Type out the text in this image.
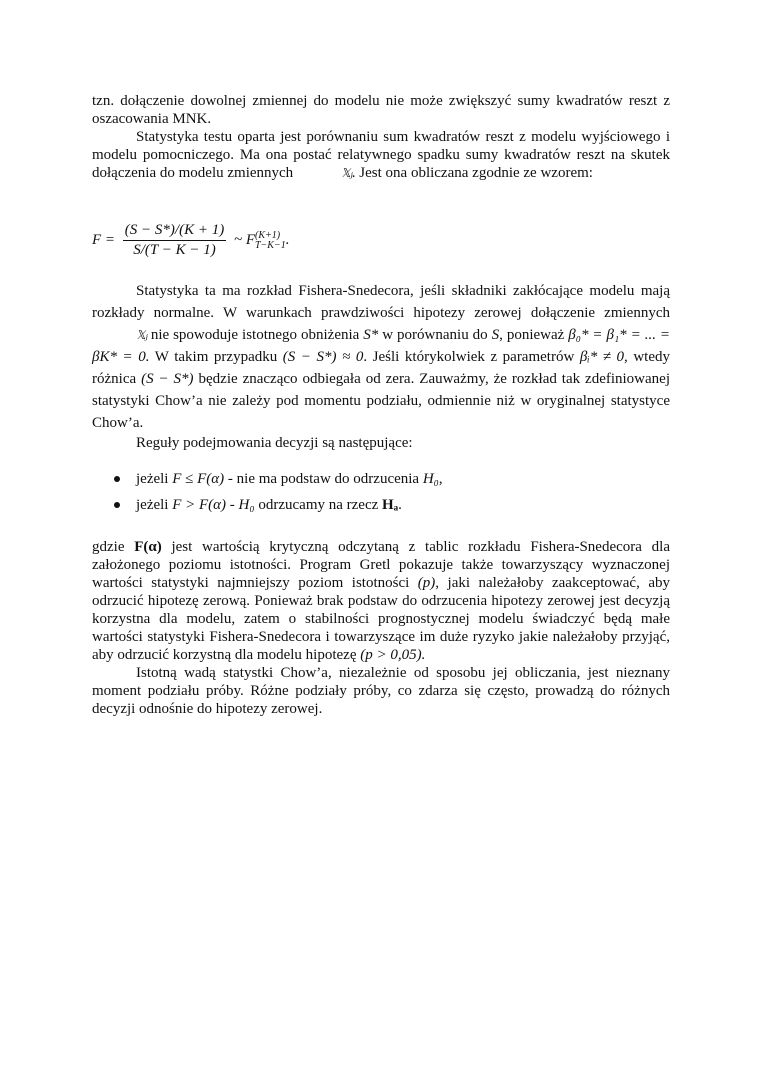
tzn. dołączenie dowolnej zmiennej do modelu nie może zwiększyć sumy kwadratów reszt z oszacowania MNK.

Statystyka testu oparta jest porównaniu sum kwadratów reszt z modelu wyjściowego i modelu pomocniczego. Ma ona postać relatywnego spadku sumy kwadratów reszt na skutek dołączenia do modelu zmiennych	𝕏ⱼ. Jest ona obliczana zgodnie ze wzorem:

$F = \frac{(S - S*)/(K + 1)}{S/(T - K - 1)}$ ~ F (K+1)
T−K−1 .

Statystyka ta ma rozkład Fishera-Snedecora, jeśli składniki zakłócające modelu mają rozkłady normalne. W warunkach prawdziwości hipotezy zerowej dołączenie zmiennych 𝕏ⱼ nie spowoduje istotnego obniżenia S* w porównaniu do S, ponieważ β₀* = β₁* = ... = βK* = 0. W takim przypadku (S − S*) ≈ 0. Jeśli którykolwiek z parametrów βᵢ* ≠ 0, wtedy różnica (S − S*) będzie znacząco odbiegała od zera. Zauważmy, że rozkład tak zdefiniowanej statystyki Chow’a nie zależy pod momentu podziału, odmiennie niż w oryginalnej statystyce Chow’a.

Reguły podejmowania decyzji są następujące:

jeżeli F ≤ F(α) - nie ma podstaw do odrzucenia H₀,
jeżeli F > F(α) - H₀ odrzucamy na rzecz Hₐ.

gdzie F(α) jest wartością krytyczną odczytaną z tablic rozkładu Fishera-Snedecora dla założonego poziomu istotności. Program Gretl pokazuje także towarzyszący wyznaczonej wartości statystyki najmniejszy poziom istotności (p), jaki należałoby zaakceptować, aby odrzucić hipotezę zerową. Ponieważ brak podstaw do odrzucenia hipotezy zerowej jest decyzją korzystna dla modelu, zatem o stabilności prognostycznej modelu świadczyć będą małe wartości statystyki Fishera-Snedecora i towarzyszące im duże ryzyko jakie należałoby przyjąć, aby odrzucić korzystną dla modelu hipotezę (p > 0,05).

Istotną wadą statystki Chow’a, niezależnie od sposobu jej obliczania, jest nieznany moment podziału próby. Różne podziały próby, co zdarza się często, prowadzą do różnych decyzji odnośnie do hipotezy zerowej.
